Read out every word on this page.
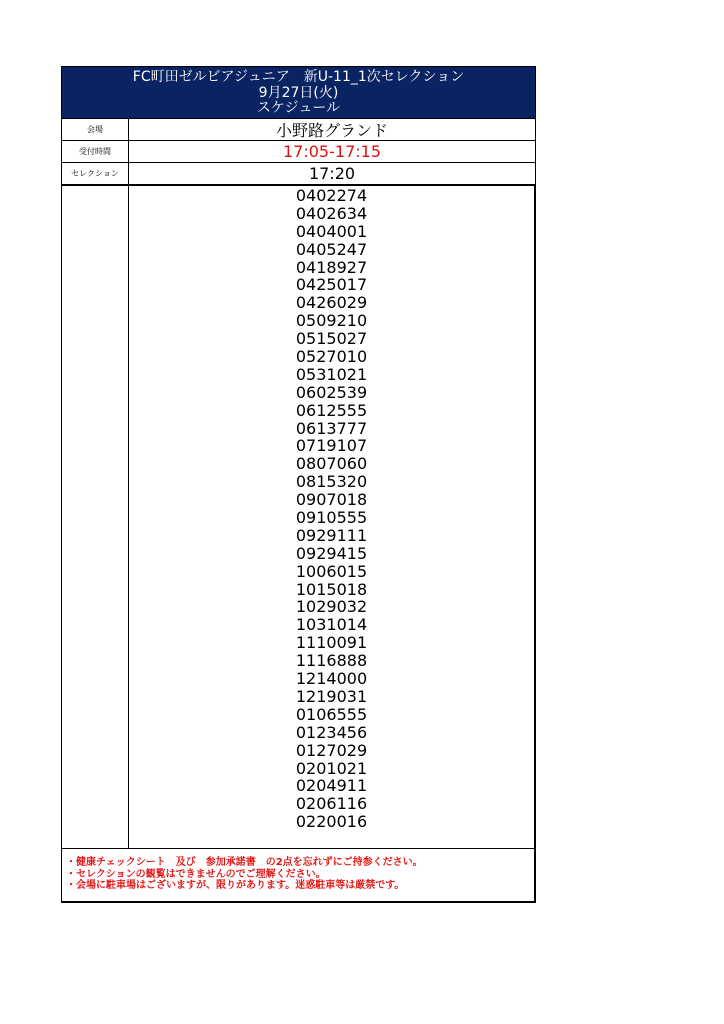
FC町田ゼルビアジュニア　新U-11_1次セレクション
9月27日(火)
スケジュール
会場	小野路グランド
受付時間	17:05-17:15
セレクション	17:20
0402274
0402634
0404001
0405247
0418927
0425017
0426029
0509210
0515027
0527010
0531021
0602539
0612555
0613777
0719107
0807060
0815320
0907018
0910555
0929111
0929415
1006015
1015018
1029032
1031014
1110091
1116888
1214000
1219031
0106555
0123456
0127029
0201021
0204911
0206116
0220016
・健康チェックシート　及び　参加承諾書　の2点を忘れずにご持参ください。
・セレクションの観覧はできませんのでご理解ください。
・会場に駐車場はございますが、限りがあります。迷惑駐車等は厳禁です。
